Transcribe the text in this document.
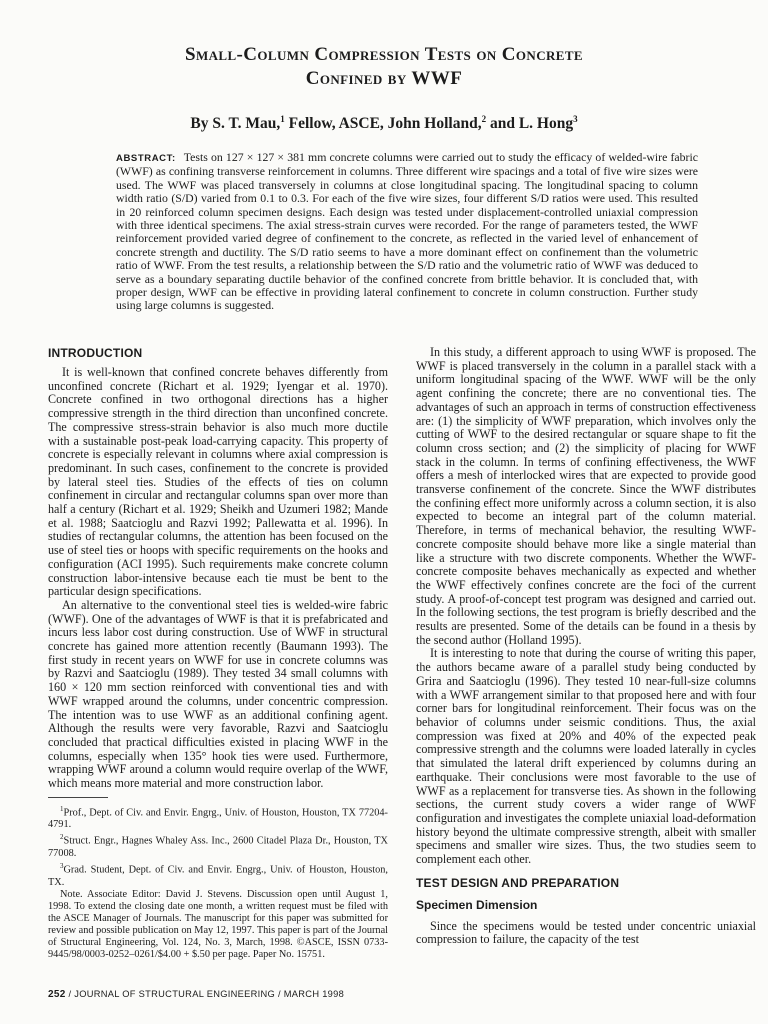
Small-Column Compression Tests on Concrete
Confined by WWF
By S. T. Mau,$^1$ Fellow, ASCE, John Holland,$^2$ and L. Hong$^3$
ABSTRACT: Tests on 127 × 127 × 381 mm concrete columns were carried out to study the efficacy of welded-wire fabric (WWF) as confining transverse reinforcement in columns. Three different wire spacings and a total of five wire sizes were used. The WWF was placed transversely in columns at close longitudinal spacing. The longitudinal spacing to column width ratio (S/D) varied from 0.1 to 0.3. For each of the five wire sizes, four different S/D ratios were used. This resulted in 20 reinforced column specimen designs. Each design was tested under displacement-controlled uniaxial compression with three identical specimens. The axial stress-strain curves were recorded. For the range of parameters tested, the WWF reinforcement provided varied degree of confinement to the concrete, as reflected in the varied level of enhancement of concrete strength and ductility. The S/D ratio seems to have a more dominant effect on confinement than the volumetric ratio of WWF. From the test results, a relationship between the S/D ratio and the volumetric ratio of WWF was deduced to serve as a boundary separating ductile behavior of the confined concrete from brittle behavior. It is concluded that, with proper design, WWF can be effective in providing lateral confinement to concrete in column construction. Further study using large columns is suggested.
INTRODUCTION

It is well-known that confined concrete behaves differently from unconfined concrete (Richart et al. 1929; Iyengar et al. 1970). Concrete confined in two orthogonal directions has a higher compressive strength in the third direction than unconfined concrete. The compressive stress-strain behavior is also much more ductile with a sustainable post-peak load-carrying capacity. This property of concrete is especially relevant in columns where axial compression is predominant. In such cases, confinement to the concrete is provided by lateral steel ties. Studies of the effects of ties on column confinement in circular and rectangular columns span over more than half a century (Richart et al. 1929; Sheikh and Uzumeri 1982; Mande et al. 1988; Saatcioglu and Razvi 1992; Pallewatta et al. 1996). In studies of rectangular columns, the attention has been focused on the use of steel ties or hoops with specific requirements on the hooks and configuration (ACI 1995). Such requirements make concrete column construction labor-intensive because each tie must be bent to the particular design specifications.

An alternative to the conventional steel ties is welded-wire fabric (WWF). One of the advantages of WWF is that it is prefabricated and incurs less labor cost during construction. Use of WWF in structural concrete has gained more attention recently (Baumann 1993). The first study in recent years on WWF for use in concrete columns was by Razvi and Saatcioglu (1989). They tested 34 small columns with 160 × 120 mm section reinforced with conventional ties and with WWF wrapped around the columns, under concentric compression. The intention was to use WWF as an additional confining agent. Although the results were very favorable, Razvi and Saatcioglu concluded that practical difficulties existed in placing WWF in the columns, especially when 135° hook ties were used. Furthermore, wrapping WWF around a column would require overlap of the WWF, which means more material and more construction labor.

$^1$Prof., Dept. of Civ. and Envir. Engrg., Univ. of Houston, Houston, TX 77204-4791.

$^2$Struct. Engr., Hagnes Whaley Ass. Inc., 2600 Citadel Plaza Dr., Houston, TX 77008.

$^3$Grad. Student, Dept. of Civ. and Envir. Engrg., Univ. of Houston, Houston, TX.

Note. Associate Editor: David J. Stevens. Discussion open until August 1, 1998. To extend the closing date one month, a written request must be filed with the ASCE Manager of Journals. The manuscript for this paper was submitted for review and possible publication on May 12, 1997. This paper is part of the Journal of Structural Engineering, Vol. 124, No. 3, March, 1998. ©ASCE, ISSN 0733-9445/98/0003-0252–0261/$4.00 + $.50 per page. Paper No. 15751.

In this study, a different approach to using WWF is proposed. The WWF is placed transversely in the column in a parallel stack with a uniform longitudinal spacing of the WWF. WWF will be the only agent confining the concrete; there are no conventional ties. The advantages of such an approach in terms of construction effectiveness are: (1) the simplicity of WWF preparation, which involves only the cutting of WWF to the desired rectangular or square shape to fit the column cross section; and (2) the simplicity of placing for WWF stack in the column. In terms of confining effectiveness, the WWF offers a mesh of interlocked wires that are expected to provide good transverse confinement of the concrete. Since the WWF distributes the confining effect more uniformly across a column section, it is also expected to become an integral part of the column material. Therefore, in terms of mechanical behavior, the resulting WWF-concrete composite should behave more like a single material than like a structure with two discrete components. Whether the WWF-concrete composite behaves mechanically as expected and whether the WWF effectively confines concrete are the foci of the current study. A proof-of-concept test program was designed and carried out. In the following sections, the test program is briefly described and the results are presented. Some of the details can be found in a thesis by the second author (Holland 1995).

It is interesting to note that during the course of writing this paper, the authors became aware of a parallel study being conducted by Grira and Saatcioglu (1996). They tested 10 near-full-size columns with a WWF arrangement similar to that proposed here and with four corner bars for longitudinal reinforcement. Their focus was on the behavior of columns under seismic conditions. Thus, the axial compression was fixed at 20% and 40% of the expected peak compressive strength and the columns were loaded laterally in cycles that simulated the lateral drift experienced by columns during an earthquake. Their conclusions were most favorable to the use of WWF as a replacement for transverse ties. As shown in the following sections, the current study covers a wider range of WWF configuration and investigates the complete uniaxial load-deformation history beyond the ultimate compressive strength, albeit with smaller specimens and smaller wire sizes. Thus, the two studies seem to complement each other.

TEST DESIGN AND PREPARATION
Specimen Dimension

Since the specimens would be tested under concentric uniaxial compression to failure, the capacity of the test

252 / JOURNAL OF STRUCTURAL ENGINEERING / MARCH 1998
